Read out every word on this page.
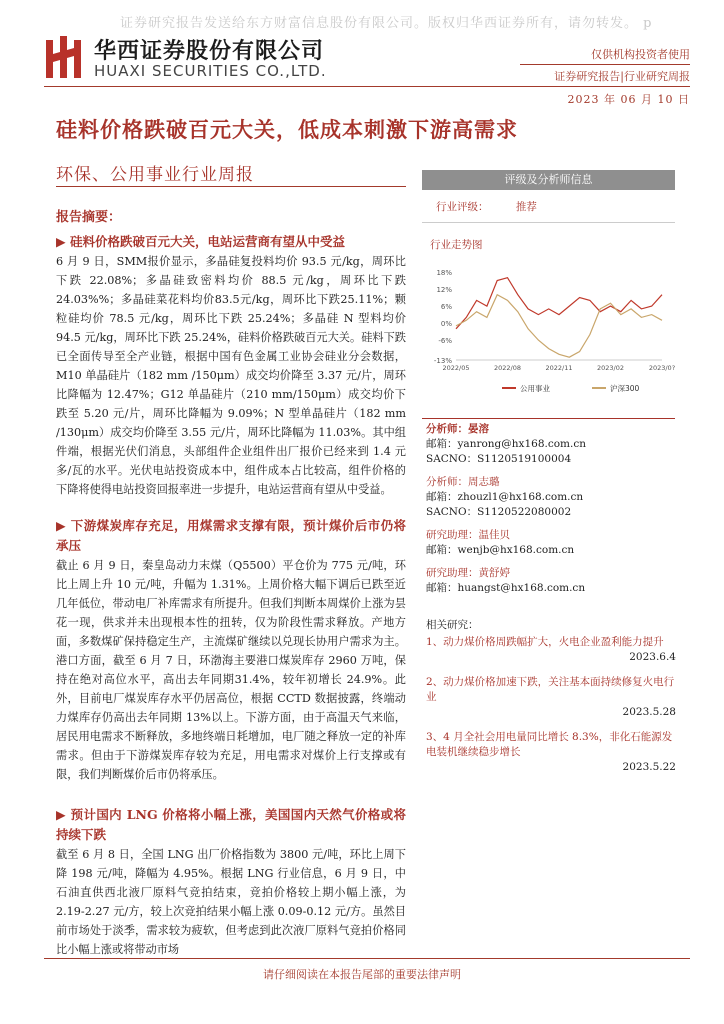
证券研究报告发送给东方财富信息股份有限公司。版权归华西证券所有，请勿转发。 p
华西证券股份有限公司
HUAXI SECURITIES CO.,LTD.
仅供机构投资者使用
证券研究报告|行业研究周报
2023 年 06 月 10 日
硅料价格跌破百元大关，低成本刺激下游高需求
环保、公用事业行业周报
报告摘要：
▶ 硅料价格跌破百元大关，电站运营商有望从中受益
6 月 9 日，SMM报价显示，多晶硅复投料均价 93.5 元/kg，周环比下跌 22.08%；多晶硅致密料均价 88.5 元/kg，周环比下跌 24.03%%；多晶硅菜花料均价83.5元/kg，周环比下跌25.11%；颗粒硅均价 78.5 元/kg，周环比下跌 25.24%；多晶硅 N 型料均价 94.5 元/kg，周环比下跌 25.24%，硅料价格跌破百元大关。硅料下跌已全面传导至全产业链，根据中国有色金属工业协会硅业分会数据，M10 单晶硅片（182 mm /150μm）成交均价降至 3.37 元/片，周环比降幅为 12.47%；G12 单晶硅片（210 mm/150μm）成交均价下跌至 5.20 元/片，周环比降幅为 9.09%；N 型单晶硅片（182 mm /130μm）成交均价降至 3.55 元/片，周环比降幅为 11.03%。其中组件端，根据光伏们消息，头部组件企业组件出厂报价已经来到 1.4 元多/瓦的水平。光伏电站投资成本中，组件成本占比较高，组件价格的下降将使得电站投资回报率进一步提升，电站运营商有望从中受益。
▶ 下游煤炭库存充足，用煤需求支撑有限，预计煤价后市仍将承压
截止 6 月 9 日，秦皇岛动力末煤（Q5500）平仓价为 775 元/吨，环比上周上升 10 元/吨，升幅为 1.31%。上周价格大幅下调后已跌至近几年低位，带动电厂补库需求有所提升。但我们判断本周煤价上涨为昙花一现，供求并未出现根本性的扭转，仅为阶段性需求释放。产地方面，多数煤矿保持稳定生产，主流煤矿继续以兑现长协用户需求为主。港口方面，截至 6 月 7 日，环渤海主要港口煤炭库存 2960 万吨，保持在绝对高位水平，高出去年同期31.4%，较年初增长 24.9%。此外，目前电厂煤炭库存水平仍居高位，根据 CCTD 数据披露，终端动力煤库存仍高出去年同期 13%以上。下游方面，由于高温天气来临，居民用电需求不断释放，多地终端日耗增加，电厂随之释放一定的补库需求。但由于下游煤炭库存较为充足，用电需求对煤价上行支撑或有限，我们判断煤价后市仍将承压。
▶ 预计国内 LNG 价格将小幅上涨，美国国内天然气价格或将持续下跌
截至 6 月 8 日，全国 LNG 出厂价格指数为 3800 元/吨，环比上周下降 198 元/吨，降幅为 4.95%。根据 LNG 行业信息，6 月 9 日，中石油直供西北液厂原料气竞拍结束，竞拍价格较上期小幅上涨，为 2.19-2.27 元/方，较上次竞拍结果小幅上涨 0.09-0.12 元/方。虽然目前市场处于淡季，需求较为疲软，但考虑到此次液厂原料气竞拍价格同比小幅上涨或将带动市场
评级及分析师信息
行业评级：	推荐
行业走势图
18%
12%
6%
0%
-6%
-13%
2022/05	2022/08	2022/11	2023/02	2023/0?
公用事业	沪深300
分析师：晏溶
邮箱：yanrong@hx168.com.cn
SACNO：S1120519100004
分析师：周志璐
邮箱：zhouzl1@hx168.com.cn
SACNO：S1120522080002
研究助理：温佳贝
邮箱：wenjb@hx168.com.cn
研究助理：黄舒婷
邮箱：huangst@hx168.com.cn
相关研究：
1、动力煤价格周跌幅扩大，火电企业盈利能力提升
2023.6.4
2、动力煤价格加速下跌，关注基本面持续修复火电行业
2023.5.28
3、4 月全社会用电量同比增长 8.3%，非化石能源发电装机继续稳步增长
2023.5.22
请仔细阅读在本报告尾部的重要法律声明
